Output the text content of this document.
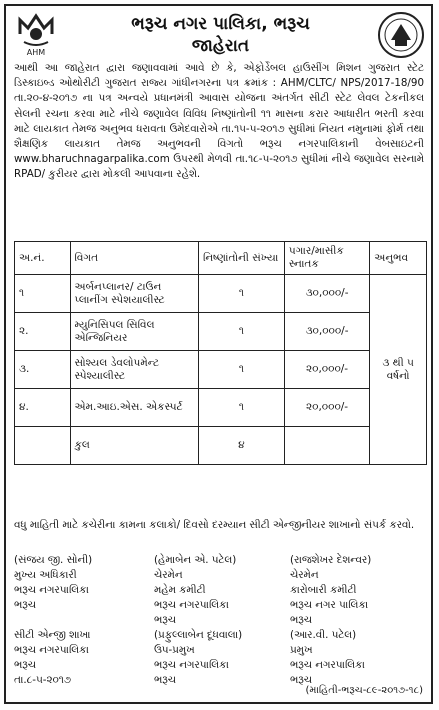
AHM
ભરૂચ નગર પાલિકા, ભરૂચ
જાહેરાત
આથી આ જાહેરાત દ્વારા જણાવવામાં આવે છે કે, એફોર્ડેબલ હાઉસીંગ મિશન ગુજરાત સ્ટેટ ડિસ્કાઇબ્ડ ઓથોરીટી ગુજરાત રાજ્ય ગાંધીનગરના પત્ર ક્રમાંક : AHM/CLTC/ NPS/2017-18/90 તા.૨૦-૪-૨૦૧૭ ના પત્ર અન્વયે પ્રધાનમંત્રી આવાસ યોજના અંતર્ગત સીટી સ્ટેટ લેવલ ટેકનીકલ સેલની રચના કરવા માટે નીચે જણાવેલ વિવિધ નિષ્ણાંતોની ૧૧ માસના કરાર આધારીત ભરતી કરવા માટે લાયકાત તેમજ અનુભવ ધરાવતા ઉમેદવારોએ તા.૧૫-૫-૨૦૧૭ સુધીમાં નિયત નમુનામાં ફોર્મ તથા શૈક્ષણિક લાયકાત તેમજ અનુભવની વિગતો ભરૂચ નગરપાલિકાની વેબસાઇટની www.bharuchnagarpalika.com ઉપરથી મેળવી તા.૧૮-૫-૨૦૧૭ સુધીમાં નીચે જણાવેલ સરનામે RPAD/ કુરીયર દ્વારા મોકલી આપવાના રહેશે.
અ.નં.	વિગત	નિષ્ણાંતોની સંખ્યા	પગાર/માસીક સ્નાતક	અનુભવ
૧	અર્બનપ્લાનર/ ટાઉન પ્લાનીંગ સ્પેશયાલીસ્ટ	૧	૩૦,૦૦૦/-	૩ થી ૫ વર્ષનો
૨.	મ્યુનિસિપલ સિવિલ એન્જિનિયર	૧	૩૦,૦૦૦/-	
૩.	સોશ્યલ ડેવલોપમેન્ટ સ્પેશ્યાલીસ્ટ	૧	૨૦,૦૦૦/-	
૪.	એમ.આઇ.એસ. એકસ્પર્ટ	૧	૨૦,૦૦૦/-	
	કુલ	૪		
વધુ માહિતી માટે કચેરીના કામના કલાકો/ દિવસો દરમ્યાન સીટી એન્જીનીયર શાખાનો સંપર્ક કરવો.
(સંજય જી. સોની)
મુખ્ય અધિકારી
ભરૂચ નગરપાલિકા
ભરૂચ
(હેમાબેન એ. પટેલ)
ચેરમેન
મહેમ કમીટી
ભરૂચ નગરપાલિકા
ભરૂચ
(રાજશેખર દેશન્વર)
ચેરમેન
કારોબારી કમીટી
ભરૂચ નગર પાલિકા
ભરૂચ
સીટી એન્જી શાખા
ભરૂચ નગરપાલિકા
ભરૂચ
તા.૮-૫-૨૦૧૭
(પ્રફુલ્લાબેન દૂધવાલા)
ઉપ-પ્રમુખ
ભરૂચ નગરપાલિકા
ભરૂચ
(આર.વી. પટેલ)
પ્રમુખ
ભરૂચ નગરપાલિકા
ભરૂચ
(માહિતી-ભરૂચ-૮૯-૨૦૧૭-૧૮)
